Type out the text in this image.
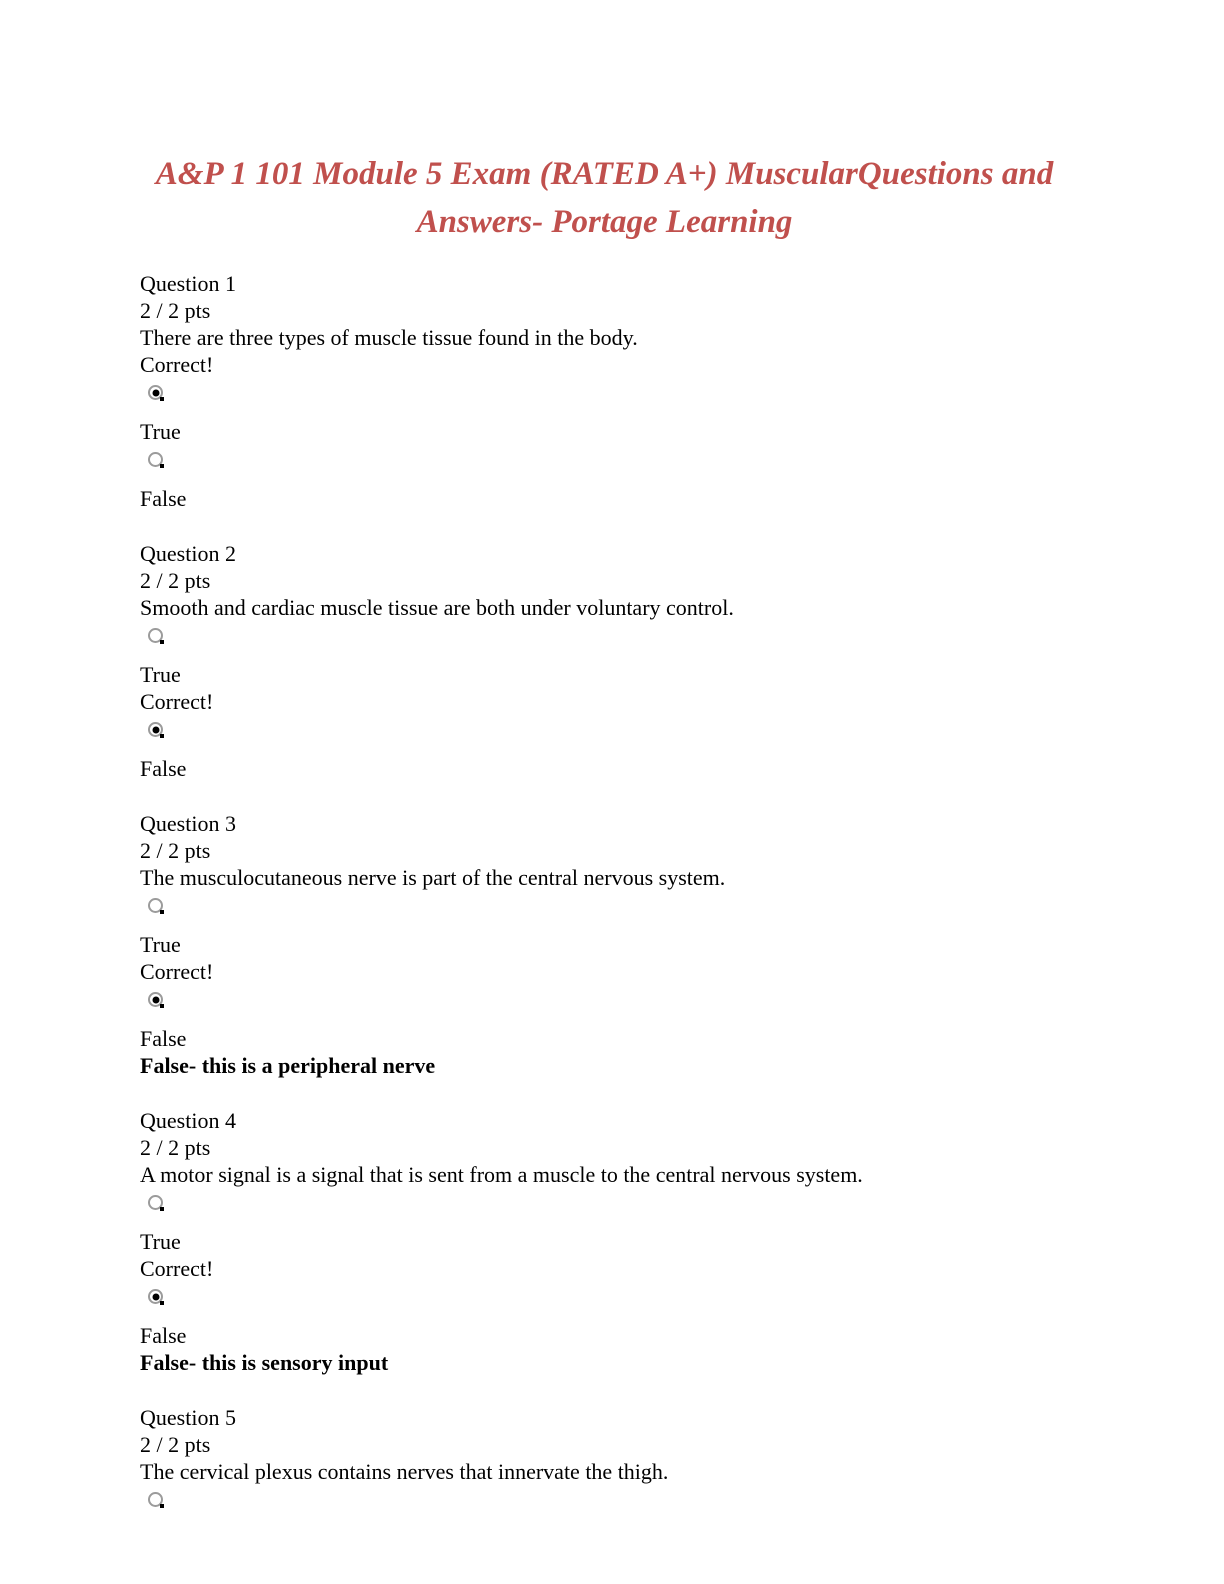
A&P 1 101 Module 5 Exam (RATED A+) MuscularQuestions and Answers- Portage Learning
Question 1
2 / 2 pts
There are three types of muscle tissue found in the body.
Correct!
True
False
Question 2
2 / 2 pts
Smooth and cardiac muscle tissue are both under voluntary control.
True
Correct!
False
Question 3
2 / 2 pts
The musculocutaneous nerve is part of the central nervous system.
True
Correct!
False
False- this is a peripheral nerve
Question 4
2 / 2 pts
A motor signal is a signal that is sent from a muscle to the central nervous system.
True
Correct!
False
False- this is sensory input
Question 5
2 / 2 pts
The cervical plexus contains nerves that innervate the thigh.
